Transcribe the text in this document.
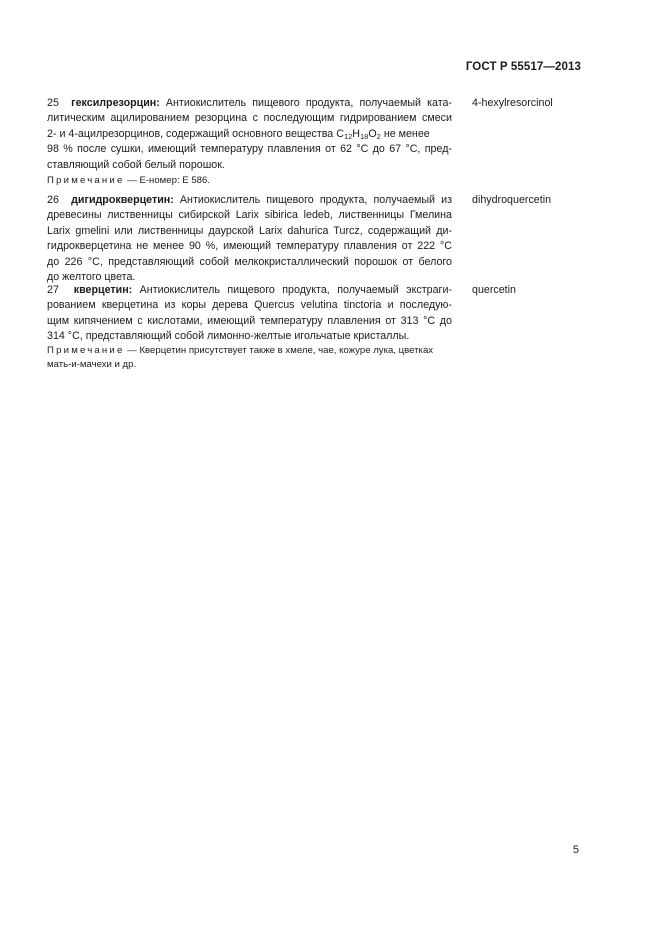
ГОСТ Р 55517—2013
25 гексилрезорцин: Антиокислитель пищевого продукта, получаемый ката-
литическим ацилированием резорцина с последующим гидрированием смеси
2- и 4-ацилрезорцинов, содержащий основного вещества $C_{12}H_{18}O_2$ не менее
98 % после сушки, имеющий температуру плавления от 62 °C до 67 °C, пред-
ставляющий собой белый порошок.
4-hexylresorcinol
Примечание — E-номер: E 586.
26 дигидрокверцетин: Антиокислитель пищевого продукта, получаемый из
древесины лиственницы сибирской Larix sibirica ledeb, лиственницы Гмелина
Larix gmelini или лиственницы даурской Larix dahurica Turcz, содержащий ди-
гидрокверцетина не менее 90 %, имеющий температуру плавления от 222 °C
до 226 °C, представляющий собой мелкокристаллический порошок от белого
до желтого цвета.
dihydroquercetin
27 кверцетин: Антиокислитель пищевого продукта, получаемый экстраги-
рованием кверцетина из коры дерева Quercus velutina tinctoria и последую-
щим кипячением с кислотами, имеющий температуру плавления от 313 °C до
314 °C, представляющий собой лимонно-желтые игольчатые кристаллы.
quercetin
Примечание — Кверцетин присутствует также в хмеле, чае, кожуре лука, цветках
мать-и-мачехи и др.
5
